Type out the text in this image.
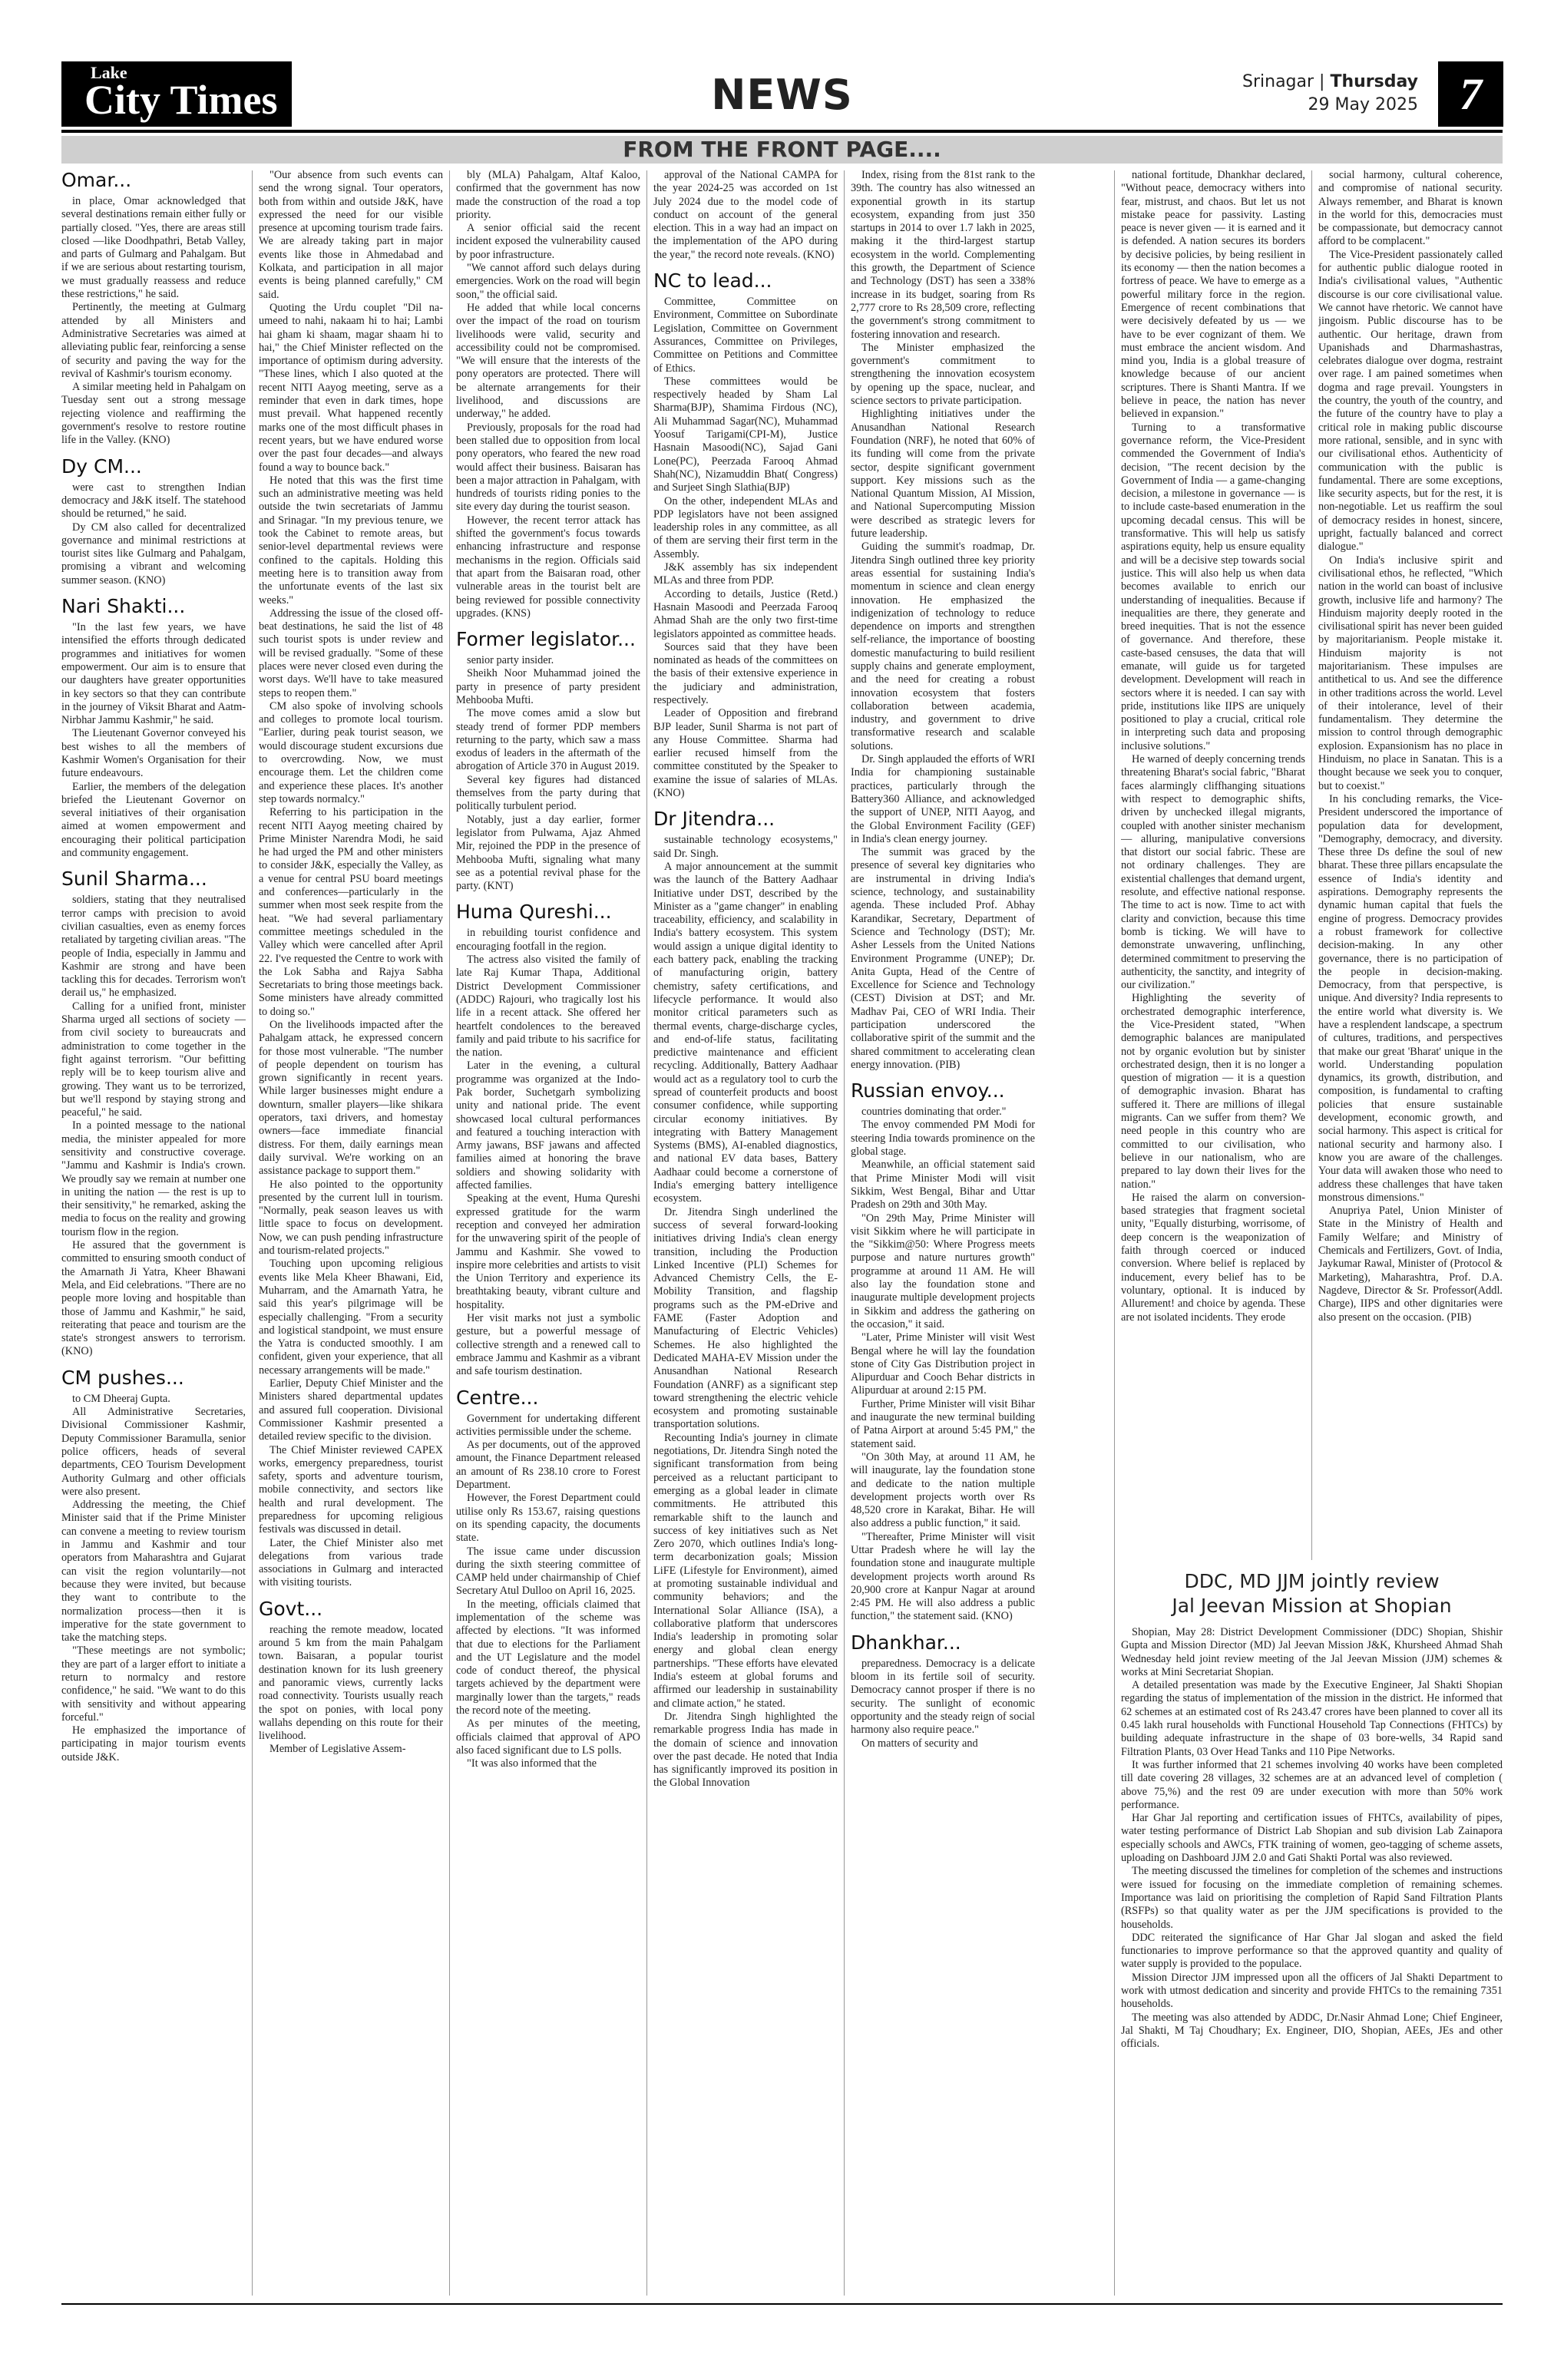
Lake
City Times	NEWS	Srinagar | Thursday
29 May 2025 7
FROM THE FRONT PAGE....
Omar...

in place, Omar acknowledged that several destinations remain either fully or partially closed. "Yes, there are areas still closed —like Doodhpathri, Betab Valley, and parts of Gulmarg and Pahalgam. But if we are serious about restarting tourism, we must gradually reassess and reduce these restrictions," he said.

Pertinently, the meeting at Gulmarg attended by all Ministers and Administrative Secretaries was aimed at alleviating public fear, reinforcing a sense of security and paving the way for the revival of Kashmir's tourism economy.

A similar meeting held in Pahalgam on Tuesday sent out a strong message rejecting violence and reaffirming the government's resolve to restore routine life in the Valley. (KNO)

Dy CM...

were cast to strengthen Indian democracy and J&K itself. The statehood should be returned," he said.

Dy CM also called for decentralized governance and minimal restrictions at tourist sites like Gulmarg and Pahalgam, promising a vibrant and welcoming summer season. (KNO)

Nari Shakti...

"In the last few years, we have intensified the efforts through dedicated programmes and initiatives for women empowerment. Our aim is to ensure that our daughters have greater opportunities in key sectors so that they can contribute in the journey of Viksit Bharat and Aatm-Nirbhar Jammu Kashmir," he said.

The Lieutenant Governor conveyed his best wishes to all the members of Kashmir Women's Organisation for their future endeavours.

Earlier, the members of the delegation briefed the Lieutenant Governor on several initiatives of their organisation aimed at women empowerment and encouraging their political participation and community engagement.

Sunil Sharma...

soldiers, stating that they neutralised terror camps with precision to avoid civilian casualties, even as enemy forces retaliated by targeting civilian areas. "The people of India, especially in Jammu and Kashmir are strong and have been tackling this for decades. Terrorism won't derail us," he emphasized.

Calling for a unified front, minister Sharma urged all sections of society — from civil society to bureaucrats and administration to come together in the fight against terrorism. "Our befitting reply will be to keep tourism alive and growing. They want us to be terrorized, but we'll respond by staying strong and peaceful," he said.

In a pointed message to the national media, the minister appealed for more sensitivity and constructive coverage. "Jammu and Kashmir is India's crown. We proudly say we remain at number one in uniting the nation — the rest is up to their sensitivity," he remarked, asking the media to focus on the reality and growing tourism flow in the region.

He assured that the government is committed to ensuring smooth conduct of the Amarnath Ji Yatra, Kheer Bhawani Mela, and Eid celebrations. "There are no people more loving and hospitable than those of Jammu and Kashmir," he said, reiterating that peace and tourism are the state's strongest answers to terrorism. (KNO)

CM pushes...

to CM Dheeraj Gupta.

All Administrative Secretaries, Divisional Commissioner Kashmir, Deputy Commissioner Baramulla, senior police officers, heads of several departments, CEO Tourism Development Authority Gulmarg and other officials were also present.

Addressing the meeting, the Chief Minister said that if the Prime Minister can convene a meeting to review tourism in Jammu and Kashmir and tour operators from Maharashtra and Gujarat can visit the region voluntarily—not because they were invited, but because they want to contribute to the normalization process—then it is imperative for the state government to take the matching steps.

"These meetings are not symbolic; they are part of a larger effort to initiate a return to normalcy and restore confidence," he said. "We want to do this with sensitivity and without appearing forceful."

He emphasized the importance of participating in major tourism events outside J&K.

"Our absence from such events can send the wrong signal. Tour operators, both from within and outside J&K, have expressed the need for our visible presence at upcoming tourism trade fairs. We are already taking part in major events like those in Ahmedabad and Kolkata, and participation in all major events is being planned carefully," CM said.

Quoting the Urdu couplet "Dil na-umeed to nahi, nakaam hi to hai; Lambi hai gham ki shaam, magar shaam hi to hai," the Chief Minister reflected on the importance of optimism during adversity. "These lines, which I also quoted at the recent NITI Aayog meeting, serve as a reminder that even in dark times, hope must prevail. What happened recently marks one of the most difficult phases in recent years, but we have endured worse over the past four decades—and always found a way to bounce back."

He noted that this was the first time such an administrative meeting was held outside the twin secretariats of Jammu and Srinagar. "In my previous tenure, we took the Cabinet to remote areas, but senior-level departmental reviews were confined to the capitals. Holding this meeting here is to transition away from the unfortunate events of the last six weeks."

Addressing the issue of the closed off-beat destinations, he said the list of 48 such tourist spots is under review and will be revised gradually. "Some of these places were never closed even during the worst days. We'll have to take measured steps to reopen them."

CM also spoke of involving schools and colleges to promote local tourism. "Earlier, during peak tourist season, we would discourage student excursions due to overcrowding. Now, we must encourage them. Let the children come and experience these places. It's another step towards normalcy."

Referring to his participation in the recent NITI Aayog meeting chaired by Prime Minister Narendra Modi, he said he had urged the PM and other ministers to consider J&K, especially the Valley, as a venue for central PSU board meetings and conferences—particularly in the summer when most seek respite from the heat. "We had several parliamentary committee meetings scheduled in the Valley which were cancelled after April 22. I've requested the Centre to work with the Lok Sabha and Rajya Sabha Secretariats to bring those meetings back. Some ministers have already committed to doing so."

On the livelihoods impacted after the Pahalgam attack, he expressed concern for those most vulnerable. "The number of people dependent on tourism has grown significantly in recent years. While larger businesses might endure a downturn, smaller players—like shikara operators, taxi drivers, and homestay owners—face immediate financial distress. For them, daily earnings mean daily survival. We're working on an assistance package to support them."

He also pointed to the opportunity presented by the current lull in tourism. "Normally, peak season leaves us with little space to focus on development. Now, we can push pending infrastructure and tourism-related projects."

Touching upon upcoming religious events like Mela Kheer Bhawani, Eid, Muharram, and the Amarnath Yatra, he said this year's pilgrimage will be especially challenging. "From a security and logistical standpoint, we must ensure the Yatra is conducted smoothly. I am confident, given your experience, that all necessary arrangements will be made."

Earlier, Deputy Chief Minister and the Ministers shared departmental updates and assured full cooperation. Divisional Commissioner Kashmir presented a detailed review specific to the division.

The Chief Minister reviewed CAPEX works, emergency preparedness, tourist safety, sports and adventure tourism, mobile connectivity, and sectors like health and rural development. The preparedness for upcoming religious festivals was discussed in detail.

Later, the Chief Minister also met delegations from various trade associations in Gulmarg and interacted with visiting tourists.

Govt...

reaching the remote meadow, located around 5 km from the main Pahalgam town. Baisaran, a popular tourist destination known for its lush greenery and panoramic views, currently lacks road connectivity. Tourists usually reach the spot on ponies, with local pony wallahs depending on this route for their livelihood.

Member of Legislative Assem-

bly (MLA) Pahalgam, Altaf Kaloo, confirmed that the government has now made the construction of the road a top priority.

A senior official said the recent incident exposed the vulnerability caused by poor infrastructure.

"We cannot afford such delays during emergencies. Work on the road will begin soon," the official said.

He added that while local concerns over the impact of the road on tourism livelihoods were valid, security and accessibility could not be compromised. "We will ensure that the interests of the pony operators are protected. There will be alternate arrangements for their livelihood, and discussions are underway," he added.

Previously, proposals for the road had been stalled due to opposition from local pony operators, who feared the new road would affect their business. Baisaran has been a major attraction in Pahalgam, with hundreds of tourists riding ponies to the site every day during the tourist season.

However, the recent terror attack has shifted the government's focus towards enhancing infrastructure and response mechanisms in the region. Officials said that apart from the Baisaran road, other vulnerable areas in the tourist belt are being reviewed for possible connectivity upgrades. (KNS)

Former legislator...

senior party insider.

Sheikh Noor Muhammad joined the party in presence of party president Mehbooba Mufti.

The move comes amid a slow but steady trend of former PDP members returning to the party, which saw a mass exodus of leaders in the aftermath of the abrogation of Article 370 in August 2019.

Several key figures had distanced themselves from the party during that politically turbulent period.

Notably, just a day earlier, former legislator from Pulwama, Ajaz Ahmed Mir, rejoined the PDP in the presence of Mehbooba Mufti, signaling what many see as a potential revival phase for the party. (KNT)

Huma Qureshi...

in rebuilding tourist confidence and encouraging footfall in the region.

The actress also visited the family of late Raj Kumar Thapa, Additional District Development Commissioner (ADDC) Rajouri, who tragically lost his life in a recent attack. She offered her heartfelt condolences to the bereaved family and paid tribute to his sacrifice for the nation.

Later in the evening, a cultural programme was organized at the Indo-Pak border, Suchetgarh symbolizing unity and national pride. The event showcased local cultural performances and featured a touching interaction with Army jawans, BSF jawans and affected families aimed at honoring the brave soldiers and showing solidarity with affected families.

Speaking at the event, Huma Qureshi expressed gratitude for the warm reception and conveyed her admiration for the unwavering spirit of the people of Jammu and Kashmir. She vowed to inspire more celebrities and artists to visit the Union Territory and experience its breathtaking beauty, vibrant culture and hospitality.

Her visit marks not just a symbolic gesture, but a powerful message of collective strength and a renewed call to embrace Jammu and Kashmir as a vibrant and safe tourism destination.

Centre...

Government for undertaking different activities permissible under the scheme.

As per documents, out of the approved amount, the Finance Department released an amount of Rs 238.10 crore to Forest Department.

However, the Forest Department could utilise only Rs 153.67, raising questions on its spending capacity, the documents state.

The issue came under discussion during the sixth steering committee of CAMP held under chairmanship of Chief Secretary Atul Dulloo on April 16, 2025.

In the meeting, officials claimed that implementation of the scheme was affected by elections. "It was informed that due to elections for the Parliament and the UT Legislature and the model code of conduct thereof, the physical targets achieved by the department were marginally lower than the targets," reads the record note of the meeting.

As per minutes of the meeting, officials claimed that approval of APO also faced significant due to LS polls.

"It was also informed that the

approval of the National CAMPA for the year 2024-25 was accorded on 1st July 2024 due to the model code of conduct on account of the general election. This in a way had an impact on the implementation of the APO during the year," the record note reveals. (KNO)

NC to lead...

Committee, Committee on Environment, Committee on Subordinate Legislation, Committee on Government Assurances, Committee on Privileges, Committee on Petitions and Committee of Ethics.

These committees would be respectively headed by Sham Lal Sharma(BJP), Shamima Firdous (NC), Ali Muhammad Sagar(NC), Muhammad Yoosuf Tarigami(CPI-M), Justice Hasnain Masoodi(NC), Sajad Gani Lone(PC), Peerzada Farooq Ahmad Shah(NC), Nizamuddin Bhat( Congress) and Surjeet Singh Slathia(BJP)

On the other, independent MLAs and PDP legislators have not been assigned leadership roles in any committee, as all of them are serving their first term in the Assembly.

J&K assembly has six independent MLAs and three from PDP.

According to details, Justice (Retd.) Hasnain Masoodi and Peerzada Farooq Ahmad Shah are the only two first-time legislators appointed as committee heads.

Sources said that they have been nominated as heads of the committees on the basis of their extensive experience in the judiciary and administration, respectively.

Leader of Opposition and firebrand BJP leader, Sunil Sharma is not part of any House Committee. Sharma had earlier recused himself from the committee constituted by the Speaker to examine the issue of salaries of MLAs. (KNO)

Dr Jitendra...

sustainable technology ecosystems," said Dr. Singh.

A major announcement at the summit was the launch of the Battery Aadhaar Initiative under DST, described by the Minister as a "game changer" in enabling traceability, efficiency, and scalability in India's battery ecosystem. This system would assign a unique digital identity to each battery pack, enabling the tracking of manufacturing origin, battery chemistry, safety certifications, and lifecycle performance. It would also monitor critical parameters such as thermal events, charge-discharge cycles, and end-of-life status, facilitating predictive maintenance and efficient recycling. Additionally, Battery Aadhaar would act as a regulatory tool to curb the spread of counterfeit products and boost consumer confidence, while supporting circular economy initiatives. By integrating with Battery Management Systems (BMS), AI-enabled diagnostics, and national EV data bases, Battery Aadhaar could become a cornerstone of India's emerging battery intelligence ecosystem.

Dr. Jitendra Singh underlined the success of several forward-looking initiatives driving India's clean energy transition, including the Production Linked Incentive (PLI) Schemes for Advanced Chemistry Cells, the E-Mobility Transition, and flagship programs such as the PM-eDrive and FAME (Faster Adoption and Manufacturing of Electric Vehicles) Schemes. He also highlighted the Dedicated MAHA-EV Mission under the Anusandhan National Research Foundation (ANRF) as a significant step toward strengthening the electric vehicle ecosystem and promoting sustainable transportation solutions.

Recounting India's journey in climate negotiations, Dr. Jitendra Singh noted the significant transformation from being perceived as a reluctant participant to emerging as a global leader in climate commitments. He attributed this remarkable shift to the launch and success of key initiatives such as Net Zero 2070, which outlines India's long-term decarbonization goals; Mission LiFE (Lifestyle for Environment), aimed at promoting sustainable individual and community behaviors; and the International Solar Alliance (ISA), a collaborative platform that underscores India's leadership in promoting solar energy and global clean energy partnerships. "These efforts have elevated India's esteem at global forums and affirmed our leadership in sustainability and climate action," he stated.

Dr. Jitendra Singh highlighted the remarkable progress India has made in the domain of science and innovation over the past decade. He noted that India has significantly improved its position in the Global Innovation

Index, rising from the 81st rank to the 39th. The country has also witnessed an exponential growth in its startup ecosystem, expanding from just 350 startups in 2014 to over 1.7 lakh in 2025, making it the third-largest startup ecosystem in the world. Complementing this growth, the Department of Science and Technology (DST) has seen a 338% increase in its budget, soaring from Rs 2,777 crore to Rs 28,509 crore, reflecting the government's strong commitment to fostering innovation and research.

The Minister emphasized the government's commitment to strengthening the innovation ecosystem by opening up the space, nuclear, and science sectors to private participation.

Highlighting initiatives under the Anusandhan National Research Foundation (NRF), he noted that 60% of its funding will come from the private sector, despite significant government support. Key missions such as the National Quantum Mission, AI Mission, and National Supercomputing Mission were described as strategic levers for future leadership.

Guiding the summit's roadmap, Dr. Jitendra Singh outlined three key priority areas essential for sustaining India's momentum in science and clean energy innovation. He emphasized the indigenization of technology to reduce dependence on imports and strengthen self-reliance, the importance of boosting domestic manufacturing to build resilient supply chains and generate employment, and the need for creating a robust innovation ecosystem that fosters collaboration between academia, industry, and government to drive transformative research and scalable solutions.

Dr. Singh applauded the efforts of WRI India for championing sustainable practices, particularly through the Battery360 Alliance, and acknowledged the support of UNEP, NITI Aayog, and the Global Environment Facility (GEF) in India's clean energy journey.

The summit was graced by the presence of several key dignitaries who are instrumental in driving India's science, technology, and sustainability agenda. These included Prof. Abhay Karandikar, Secretary, Department of Science and Technology (DST); Mr. Asher Lessels from the United Nations Environment Programme (UNEP); Dr. Anita Gupta, Head of the Centre of Excellence for Science and Technology (CEST) Division at DST; and Mr. Madhav Pai, CEO of WRI India. Their participation underscored the collaborative spirit of the summit and the shared commitment to accelerating clean energy innovation. (PIB)

Russian envoy...

countries dominating that order."

The envoy commended PM Modi for steering India towards prominence on the global stage.

Meanwhile, an official statement said that Prime Minister Modi will visit Sikkim, West Bengal, Bihar and Uttar Pradesh on 29th and 30th May.

"On 29th May, Prime Minister will visit Sikkim where he will participate in the "Sikkim@50: Where Progress meets purpose and nature nurtures growth" programme at around 11 AM. He will also lay the foundation stone and inaugurate multiple development projects in Sikkim and address the gathering on the occasion," it said.

"Later, Prime Minister will visit West Bengal where he will lay the foundation stone of City Gas Distribution project in Alipurduar and Cooch Behar districts in Alipurduar at around 2:15 PM.

Further, Prime Minister will visit Bihar and inaugurate the new terminal building of Patna Airport at around 5:45 PM," the statement said.

"On 30th May, at around 11 AM, he will inaugurate, lay the foundation stone and dedicate to the nation multiple development projects worth over Rs 48,520 crore in Karakat, Bihar. He will also address a public function," it said.

"Thereafter, Prime Minister will visit Uttar Pradesh where he will lay the foundation stone and inaugurate multiple development projects worth around Rs 20,900 crore at Kanpur Nagar at around 2:45 PM. He will also address a public function," the statement said. (KNO)

Dhankhar...

preparedness. Democracy is a delicate bloom in its fertile soil of security. Democracy cannot prosper if there is no security. The sunlight of economic opportunity and the steady reign of social harmony also require peace."

On matters of security and

national fortitude, Dhankhar declared, "Without peace, democracy withers into fear, mistrust, and chaos. But let us not mistake peace for passivity. Lasting peace is never given — it is earned and it is defended. A nation secures its borders by decisive policies, by being resilient in its economy — then the nation becomes a fortress of peace. We have to emerge as a powerful military force in the region. Emergence of recent combinations that were decisively defeated by us — we have to be ever cognizant of them. We must embrace the ancient wisdom. And mind you, India is a global treasure of knowledge because of our ancient scriptures. There is Shanti Mantra. If we believe in peace, the nation has never believed in expansion."

Turning to a transformative governance reform, the Vice-President commended the Government of India's decision, "The recent decision by the Government of India — a game-changing decision, a milestone in governance — is to include caste-based enumeration in the upcoming decadal census. This will be transformative. This will help us satisfy aspirations equity, help us ensure equality and will be a decisive step towards social justice. This will also help us when data becomes available to enrich our understanding of inequalities. Because if inequalities are there, they generate and breed inequities. That is not the essence of governance. And therefore, these caste-based censuses, the data that will emanate, will guide us for targeted development. Development will reach in sectors where it is needed. I can say with pride, institutions like IIPS are uniquely positioned to play a crucial, critical role in interpreting such data and proposing inclusive solutions."

He warned of deeply concerning trends threatening Bharat's social fabric, "Bharat faces alarmingly cliffhanging situations with respect to demographic shifts, driven by unchecked illegal migrants, coupled with another sinister mechanism — alluring, manipulative conversions that distort our social fabric. These are not ordinary challenges. They are existential challenges that demand urgent, resolute, and effective national response. The time to act is now. Time to act with clarity and conviction, because this time bomb is ticking. We will have to demonstrate unwavering, unflinching, determined commitment to preserving the authenticity, the sanctity, and integrity of our civilization."

Highlighting the severity of orchestrated demographic interference, the Vice-President stated, "When demographic balances are manipulated not by organic evolution but by sinister orchestrated design, then it is no longer a question of migration — it is a question of demographic invasion. Bharat has suffered it. There are millions of illegal migrants. Can we suffer from them? We need people in this country who are committed to our civilisation, who believe in our nationalism, who are prepared to lay down their lives for the nation."

He raised the alarm on conversion-based strategies that fragment societal unity, "Equally disturbing, worrisome, of deep concern is the weaponization of faith through coerced or induced conversion. Where belief is replaced by inducement, every belief has to be voluntary, optional. It is induced by Allurement! and choice by agenda. These are not isolated incidents. They erode

social harmony, cultural coherence, and compromise of national security. Always remember, and Bharat is known in the world for this, democracies must be compassionate, but democracy cannot afford to be complacent."

The Vice-President passionately called for authentic public dialogue rooted in India's civilisational values, "Authentic discourse is our core civilisational value. We cannot have rhetoric. We cannot have jingoism. Public discourse has to be authentic. Our heritage, drawn from Upanishads and Dharmashastras, celebrates dialogue over dogma, restraint over rage. I am pained sometimes when dogma and rage prevail. Youngsters in the country, the youth of the country, and the future of the country have to play a critical role in making public discourse more rational, sensible, and in sync with our civilisational ethos. Authenticity of communication with the public is fundamental. There are some exceptions, like security aspects, but for the rest, it is non-negotiable. Let us reaffirm the soul of democracy resides in honest, sincere, upright, factually balanced and correct dialogue."

On India's inclusive spirit and civilisational ethos, he reflected, "Which nation in the world can boast of inclusive growth, inclusive life and harmony? The Hinduism majority deeply rooted in the civilisational spirit has never been guided by majoritarianism. People mistake it. Hinduism majority is not majoritarianism. These impulses are antithetical to us. And see the difference in other traditions across the world. Level of their intolerance, level of their fundamentalism. They determine the mission to control through demographic explosion. Expansionism has no place in Hinduism, no place in Sanatan. This is a thought because we seek you to conquer, but to coexist."

In his concluding remarks, the Vice-President underscored the importance of population data for development, "Demography, democracy, and diversity. These three Ds define the soul of new bharat. These three pillars encapsulate the essence of India's identity and aspirations. Demography represents the dynamic human capital that fuels the engine of progress. Democracy provides a robust framework for collective decision-making. In any other governance, there is no participation of the people in decision-making. Democracy, from that perspective, is unique. And diversity? India represents to the entire world what diversity is. We have a resplendent landscape, a spectrum of cultures, traditions, and perspectives that make our great 'Bharat' unique in the world. Understanding population dynamics, its growth, distribution, and composition, is fundamental to crafting policies that ensure sustainable development, economic growth, and social harmony. This aspect is critical for national security and harmony also. I know you are aware of the challenges. Your data will awaken those who need to address these challenges that have taken monstrous dimensions."

Anupriya Patel, Union Minister of State in the Ministry of Health and Family Welfare; and Ministry of Chemicals and Fertilizers, Govt. of India, Jaykumar Rawal, Minister of (Protocol & Marketing), Maharashtra, Prof. D.A. Nagdeve, Director & Sr. Professor(Addl. Charge), IIPS and other dignitaries were also present on the occasion. (PIB)

DDC, MD JJM jointly review
Jal Jeevan Mission at Shopian

Shopian, May 28: District Development Commissioner (DDC) Shopian, Shishir Gupta and Mission Director (MD) Jal Jeevan Mission J&K, Khursheed Ahmad Shah Wednesday held joint review meeting of the Jal Jeevan Mission (JJM) schemes & works at Mini Secretariat Shopian.

A detailed presentation was made by the Executive Engineer, Jal Shakti Shopian regarding the status of implementation of the mission in the district. He informed that 62 schemes at an estimated cost of Rs 243.47 crores have been planned to cover all its 0.45 lakh rural households with Functional Household Tap Connections (FHTCs) by building adequate infrastructure in the shape of 03 bore-wells, 34 Rapid sand Filtration Plants, 03 Over Head Tanks and 110 Pipe Networks.

It was further informed that 21 schemes involving 40 works have been completed till date covering 28 villages, 32 schemes are at an advanced level of completion ( above 75,%) and the rest 09 are under execution with more than 50% work performance.

Har Ghar Jal reporting and certification issues of FHTCs, availability of pipes, water testing performance of District Lab Shopian and sub division Lab Zainapora especially schools and AWCs, FTK training of women, geo-tagging of scheme assets, uploading on Dashboard JJM 2.0 and Gati Shakti Portal was also reviewed.

The meeting discussed the timelines for completion of the schemes and instructions were issued for focusing on the immediate completion of remaining schemes. Importance was laid on prioritising the completion of Rapid Sand Filtration Plants (RSFPs) so that quality water as per the JJM specifications is provided to the households.

DDC reiterated the significance of Har Ghar Jal slogan and asked the field functionaries to improve performance so that the approved quantity and quality of water supply is provided to the populace.

Mission Director JJM impressed upon all the officers of Jal Shakti Department to work with utmost dedication and sincerity and provide FHTCs to the remaining 7351 households.

The meeting was also attended by ADDC, Dr.Nasir Ahmad Lone; Chief Engineer, Jal Shakti, M Taj Choudhary; Ex. Engineer, DIO, Shopian, AEEs, JEs and other officials.
